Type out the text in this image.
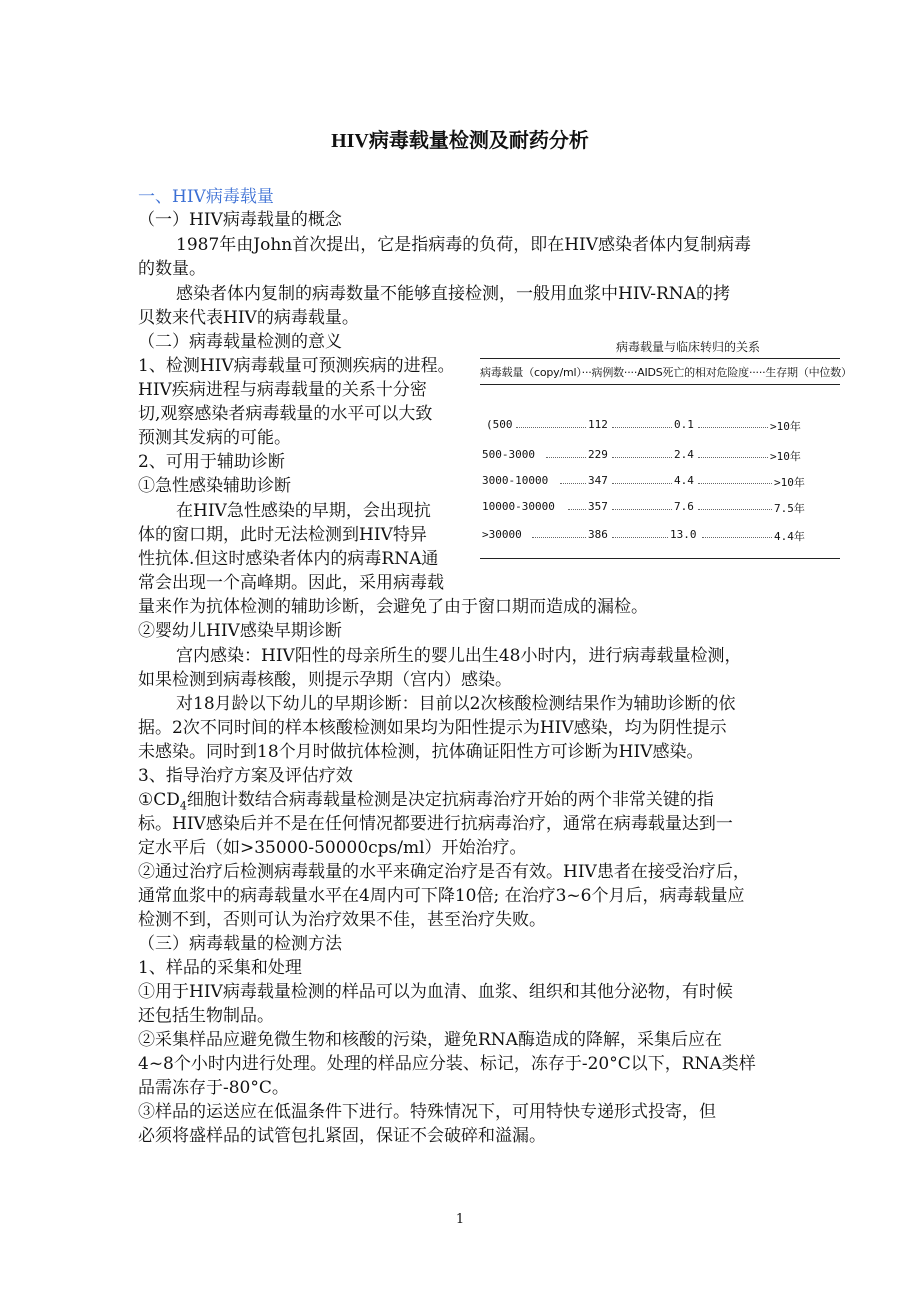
HIV病毒载量检测及耐药分析
一、HIV病毒载量
（一）HIV病毒载量的概念
1987年由John首次提出，它是指病毒的负荷，即在HIV感染者体内复制病毒
的数量。
感染者体内复制的病毒数量不能够直接检测，一般用血浆中HIV-RNA的拷
贝数来代表HIV的病毒载量。
（二）病毒载量检测的意义
1、检测HIV病毒载量可预测疾病的进程。
HIV疾病进程与病毒载量的关系十分密
切,观察感染者病毒载量的水平可以大致
预测其发病的可能。
2、可用于辅助诊断
①急性感染辅助诊断
在HIV急性感染的早期，会出现抗
体的窗口期，此时无法检测到HIV特异
性抗体.但这时感染者体内的病毒RNA通
常会出现一个高峰期。因此，采用病毒载
量来作为抗体检测的辅助诊断，会避免了由于窗口期而造成的漏检。
②婴幼儿HIV感染早期诊断
宫内感染：HIV阳性的母亲所生的婴儿出生48小时内，进行病毒载量检测，
如果检测到病毒核酸，则提示孕期（宫内）感染。
对18月龄以下幼儿的早期诊断：目前以2次核酸检测结果作为辅助诊断的依
据。2次不同时间的样本核酸检测如果均为阳性提示为HIV感染，均为阴性提示
未感染。同时到18个月时做抗体检测，抗体确证阳性方可诊断为HIV感染。
3、指导治疗方案及评估疗效
$①CD_4$细胞计数结合病毒载量检测是决定抗病毒治疗开始的两个非常关键的指
标。HIV感染后并不是在任何情况都要进行抗病毒治疗，通常在病毒载量达到一
定水平后（如>35000-50000cps/ml）开始治疗。
②通过治疗后检测病毒载量的水平来确定治疗是否有效。HIV患者在接受治疗后，
通常血浆中的病毒载量水平在4周内可下降10倍; 在治疗3~6个月后，病毒载量应
检测不到，否则可认为治疗效果不佳，甚至治疗失败。
（三）病毒载量的检测方法
1、样品的采集和处理
①用于HIV病毒载量检测的样品可以为血清、血浆、组织和其他分泌物，有时候
还包括生物制品。
②采集样品应避免微生物和核酸的污染，避免RNA酶造成的降解，采集后应在
4~8个小时内进行处理。处理的样品应分装、标记，冻存于-20°C以下，RNA类样
品需冻存于-80°C。
③样品的运送应在低温条件下进行。特殊情况下，可用特快专递形式投寄，但
必须将盛样品的试管包扎紧固，保证不会破碎和溢漏。
病毒载量与临床转归的关系
病毒载量（copy/ml）···病例数····AIDS死亡的相对危险度·····生存期（中位数）
(500	112	0.1	>10年
500-3000	229	2.4	>10年
3000-10000	347	4.4	>10年
10000-30000	357	7.6	7.5年
>30000	386	13.0	4.4年
1
